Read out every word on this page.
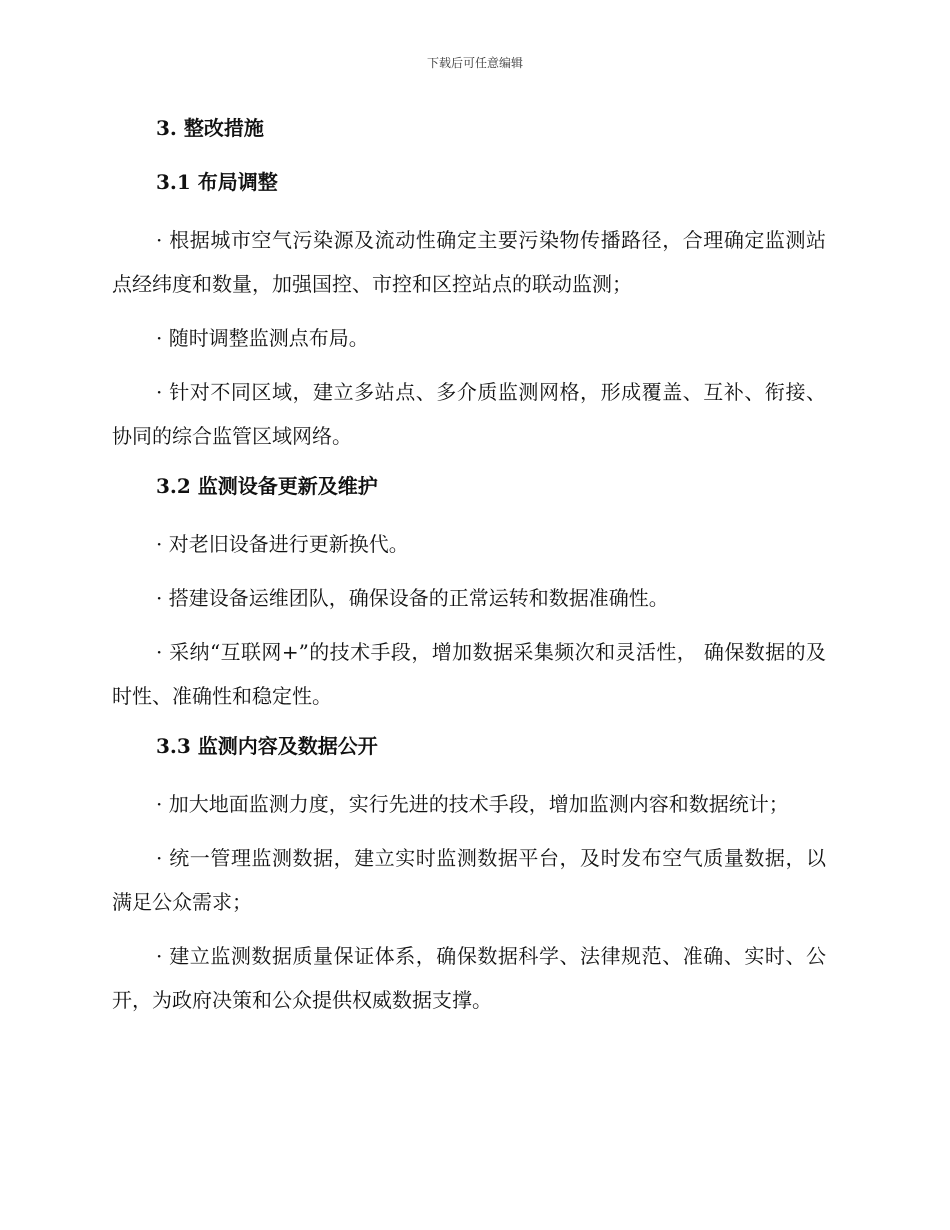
下载后可任意编辑
3. 整改措施
3.1 布局调整
· 根据城市空气污染源及流动性确定主要污染物传播路径，合理确定监测站点经纬度和数量，加强国控、市控和区控站点的联动监测；
· 随时调整监测点布局。
· 针对不同区域，建立多站点、多介质监测网格，形成覆盖、互补、衔接、协同的综合监管区域网络。
3.2 监测设备更新及维护
· 对老旧设备进行更新换代。
· 搭建设备运维团队，确保设备的正常运转和数据准确性。
· 采纳“互联网+”的技术手段，增加数据采集频次和灵活性， 确保数据的及时性、准确性和稳定性。
3.3 监测内容及数据公开
· 加大地面监测力度，实行先进的技术手段，增加监测内容和数据统计；
· 统一管理监测数据，建立实时监测数据平台，及时发布空气质量数据，以满足公众需求；
· 建立监测数据质量保证体系，确保数据科学、法律规范、准确、实时、公开，为政府决策和公众提供权威数据支撑。
